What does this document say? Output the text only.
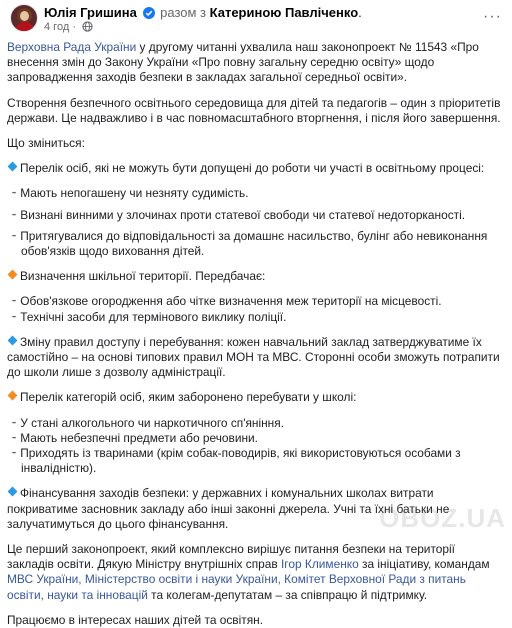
Юлія Гришина разом з Катериною Павліченко.
4 год ·
···

Верховна Рада України у другому читанні ухвалила наш законопроект № 11543 «Про внесення змін до Закону України «Про повну загальну середню освіту» щодо запровадження заходів безпеки в закладах загальної середньої освіти».

Створення безпечного освітнього середовища для дітей та педагогів – один з пріоритетів держави. Це надважливо і в час повномасштабного вторгнення, і після його завершення.

Що зміниться:

Перелік осіб, які не можуть бути допущені до роботи чи участі в освітньому процесі:

⁃ Мають непогашену чи незняту судимість.

⁃ Визнані винними у злочинах проти статевої свободи чи статевої недоторканості.

⁃ Притягувалися до відповідальності за домашнє насильство, булінг або невиконання обов'язків щодо виховання дітей.

Визначення шкільної території. Передбачає:

⁃ Обов'язкове огородження або чітке визначення меж території на місцевості.

⁃ Технічні засоби для термінового виклику поліції.

Зміну правил доступу і перебування: кожен навчальний заклад затверджуватиме їх самостійно – на основі типових правил МОН та МВС. Сторонні особи зможуть потрапити до школи лише з дозволу адміністрації.

Перелік категорій осіб, яким заборонено перебувати у школі:

⁃ У стані алкогольного чи наркотичного сп'яніння.

⁃ Мають небезпечні предмети або речовини.

⁃ Приходять із тваринами (крім собак-поводирів, які використовуються особами з інвалідністю).

Фінансування заходів безпеки: у державних і комунальних школах витрати покриватиме засновник закладу або інші законні джерела. Учні та їхні батьки не залучатимуться до цього фінансування.

Це перший законопроект, який комплексно вирішує питання безпеки на території закладів освіти. Дякую Міністру внутрішніх справ Ігор Клименко за ініціативу, командам МВС України, Міністерство освіти і науки України, Комітет Верховної Ради з питань освіти, науки та інновацій та колегам-депутатам – за співпрацю й підтримку.

Працюємо в інтересах наших дітей та освітян.

OBOZ.UA
